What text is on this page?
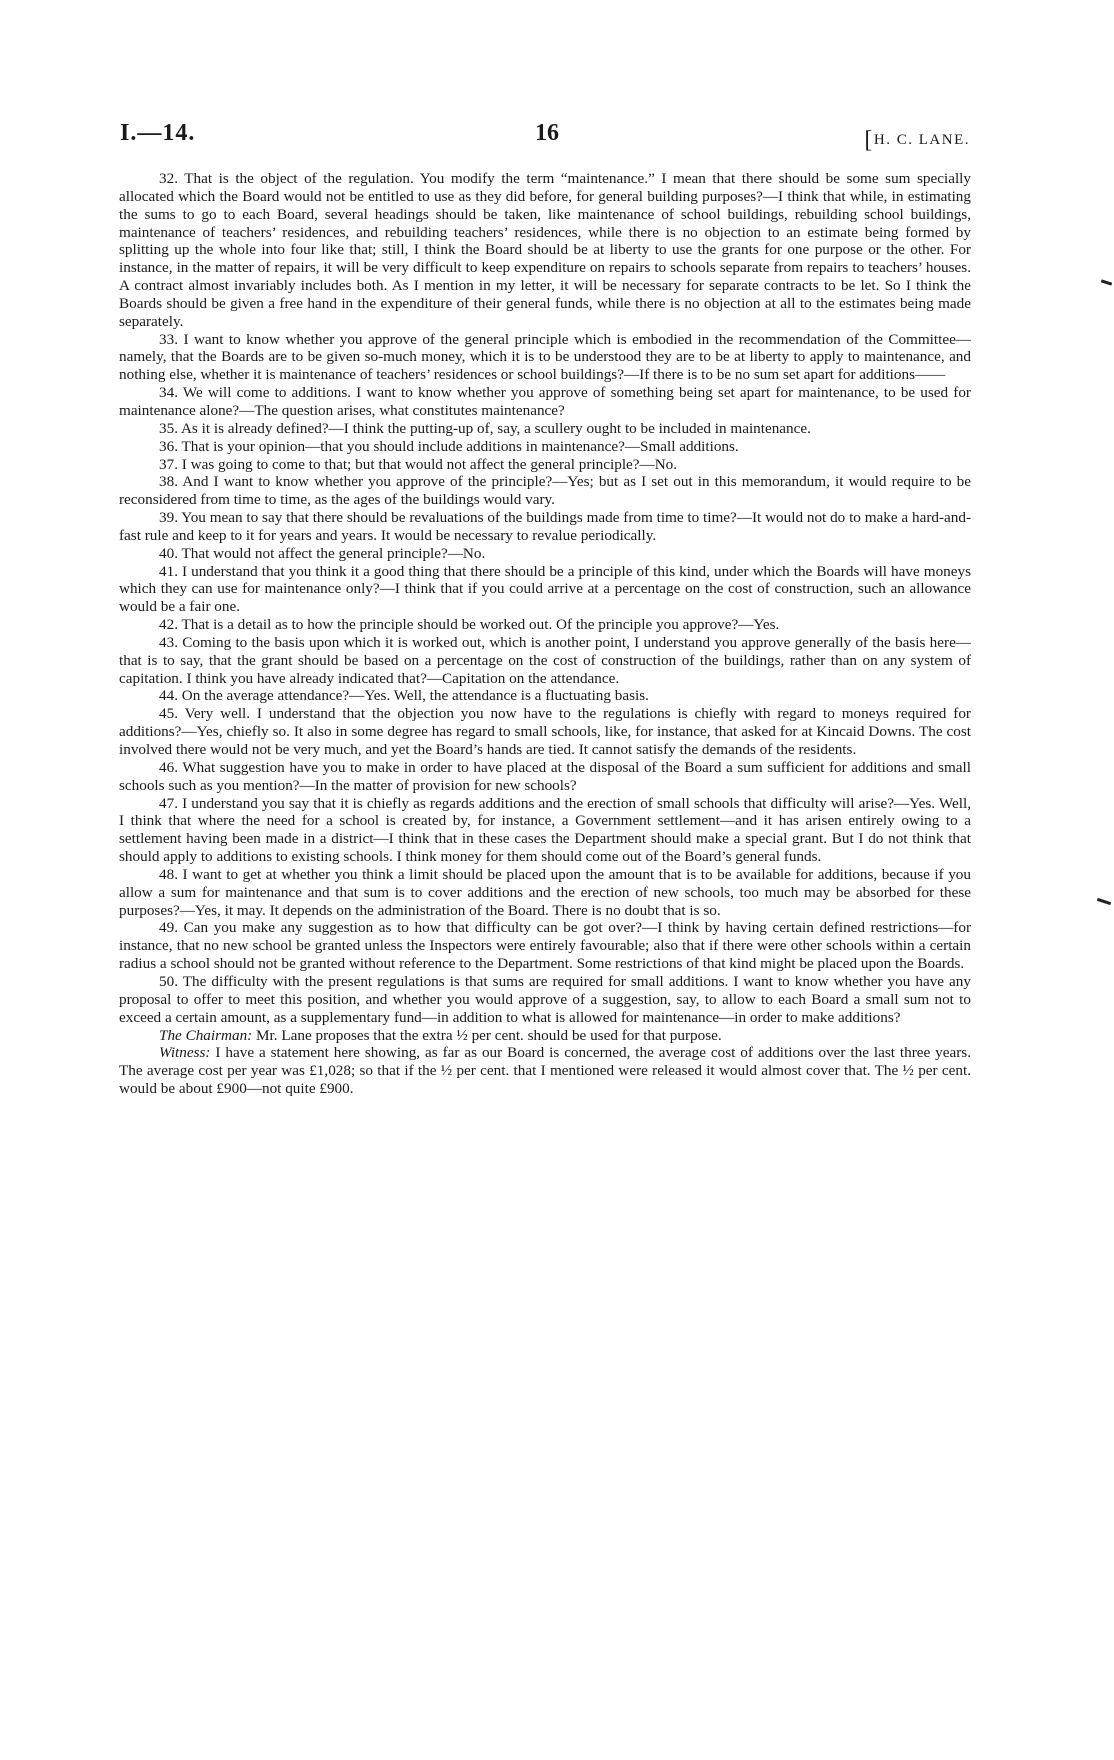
I.—14.	16	[H. C. LANE.

32. That is the object of the regulation. You modify the term “maintenance.” I mean that there should be some sum specially allocated which the Board would not be entitled to use as they did before, for general building purposes?—I think that while, in estimating the sums to go to each Board, several headings should be taken, like maintenance of school buildings, rebuilding school buildings, maintenance of teachers’ residences, and rebuilding teachers’ residences, while there is no objection to an estimate being formed by splitting up the whole into four like that; still, I think the Board should be at liberty to use the grants for one purpose or the other. For instance, in the matter of repairs, it will be very difficult to keep expenditure on repairs to schools separate from repairs to teachers’ houses. A contract almost invariably includes both. As I mention in my letter, it will be necessary for separate contracts to be let. So I think the Boards should be given a free hand in the expenditure of their general funds, while there is no objection at all to the estimates being made separately.

33. I want to know whether you approve of the general principle which is embodied in the recommendation of the Committee—namely, that the Boards are to be given so-much money, which it is to be understood they are to be at liberty to apply to maintenance, and nothing else, whether it is maintenance of teachers’ residences or school buildings?—If there is to be no sum set apart for additions——

34. We will come to additions. I want to know whether you approve of something being set apart for maintenance, to be used for maintenance alone?—The question arises, what constitutes maintenance?

35. As it is already defined?—I think the putting-up of, say, a scullery ought to be included in maintenance.

36. That is your opinion—that you should include additions in maintenance?—Small additions.

37. I was going to come to that; but that would not affect the general principle?—No.

38. And I want to know whether you approve of the principle?—Yes; but as I set out in this memorandum, it would require to be reconsidered from time to time, as the ages of the buildings would vary.

39. You mean to say that there should be revaluations of the buildings made from time to time?—It would not do to make a hard-and-fast rule and keep to it for years and years. It would be necessary to revalue periodically.

40. That would not affect the general principle?—No.

41. I understand that you think it a good thing that there should be a principle of this kind, under which the Boards will have moneys which they can use for maintenance only?—I think that if you could arrive at a percentage on the cost of construction, such an allowance would be a fair one.

42. That is a detail as to how the principle should be worked out. Of the principle you approve?—Yes.

43. Coming to the basis upon which it is worked out, which is another point, I understand you approve generally of the basis here—that is to say, that the grant should be based on a percentage on the cost of construction of the buildings, rather than on any system of capitation. I think you have already indicated that?—Capitation on the attendance.

44. On the average attendance?—Yes. Well, the attendance is a fluctuating basis.

45. Very well. I understand that the objection you now have to the regulations is chiefly with regard to moneys required for additions?—Yes, chiefly so. It also in some degree has regard to small schools, like, for instance, that asked for at Kincaid Downs. The cost involved there would not be very much, and yet the Board’s hands are tied. It cannot satisfy the demands of the residents.

46. What suggestion have you to make in order to have placed at the disposal of the Board a sum sufficient for additions and small schools such as you mention?—In the matter of provision for new schools?

47. I understand you say that it is chiefly as regards additions and the erection of small schools that difficulty will arise?—Yes. Well, I think that where the need for a school is created by, for instance, a Government settlement—and it has arisen entirely owing to a settlement having been made in a district—I think that in these cases the Department should make a special grant. But I do not think that should apply to additions to existing schools. I think money for them should come out of the Board’s general funds.

48. I want to get at whether you think a limit should be placed upon the amount that is to be available for additions, because if you allow a sum for maintenance and that sum is to cover additions and the erection of new schools, too much may be absorbed for these purposes?—Yes, it may. It depends on the administration of the Board. There is no doubt that is so.

49. Can you make any suggestion as to how that difficulty can be got over?—I think by having certain defined restrictions—for instance, that no new school be granted unless the Inspectors were entirely favourable; also that if there were other schools within a certain radius a school should not be granted without reference to the Department. Some restrictions of that kind might be placed upon the Boards.

50. The difficulty with the present regulations is that sums are required for small additions. I want to know whether you have any proposal to offer to meet this position, and whether you would approve of a suggestion, say, to allow to each Board a small sum not to exceed a certain amount, as a supplementary fund—in addition to what is allowed for maintenance—in order to make additions?

The Chairman: Mr. Lane proposes that the extra ½ per cent. should be used for that purpose.

Witness: I have a statement here showing, as far as our Board is concerned, the average cost of additions over the last three years. The average cost per year was £1,028; so that if the ½ per cent. that I mentioned were released it would almost cover that. The ½ per cent. would be about £900—not quite £900.
